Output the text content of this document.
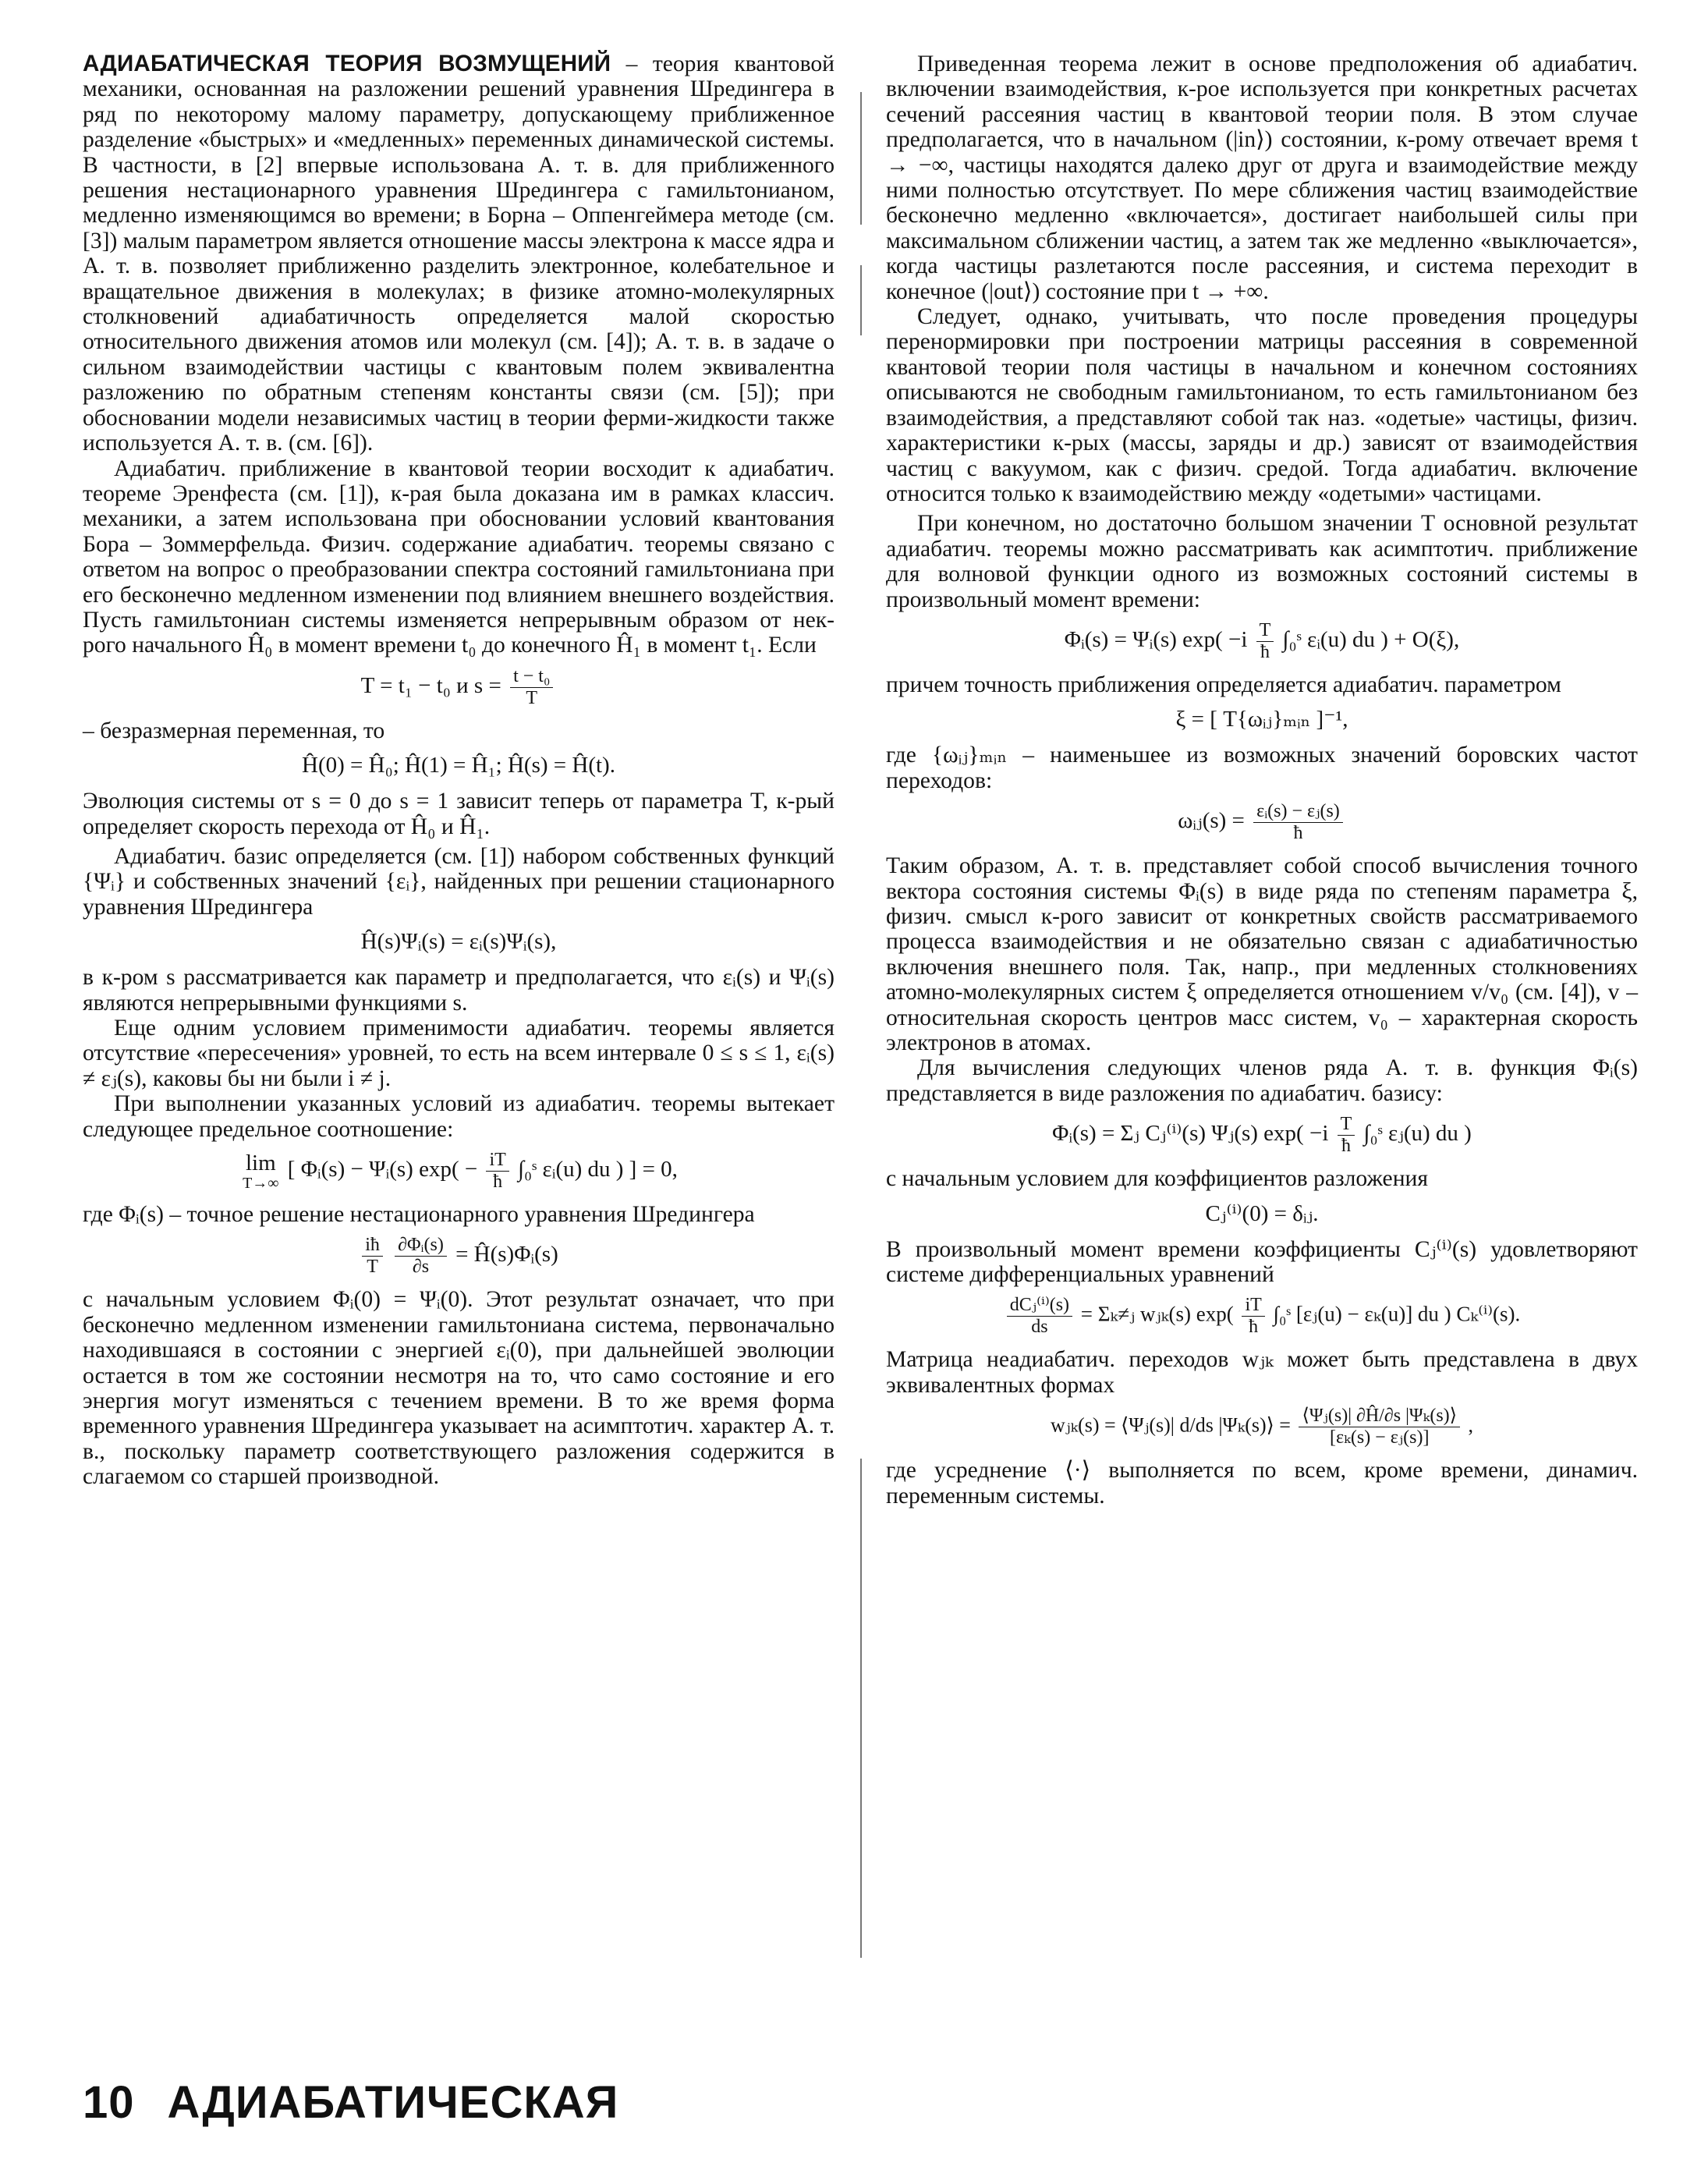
АДИАБАТИЧЕСКАЯ ТЕОРИЯ ВОЗМУЩЕНИЙ – теория квантовой механики, основанная на разложении решений уравнения Шредингера в ряд по некоторому малому параметру, допускающему приближенное разделение «быстрых» и «медленных» переменных динамической системы. В частности, в [2] впервые использована А. т. в. для приближенного решения нестационарного уравнения Шредингера с гамильтонианом, медленно изменяющимся во времени; в Борна – Оппенгеймера методе (см. [3]) малым параметром является отношение массы электрона к массе ядра и А. т. в. позволяет приближенно разделить электронное, колебательное и вращательное движения в молекулах; в физике атомно-молекулярных столкновений адиабатичность определяется малой скоростью относительного движения атомов или молекул (см. [4]); А. т. в. в задаче о сильном взаимодействии частицы с квантовым полем эквивалентна разложению по обратным степеням константы связи (см. [5]); при обосновании модели независимых частиц в теории ферми-жидкости также используется А. т. в. (см. [6]).

Адиабатич. приближение в квантовой теории восходит к адиабатич. теореме Эренфеста (см. [1]), к-рая была доказана им в рамках классич. механики, а затем использована при обосновании условий квантования Бора – Зоммерфельда. Физич. содержание адиабатич. теоремы связано с ответом на вопрос о преобразовании спектра состояний гамильтониана при его бесконечно медленном изменении под влиянием внешнего воздействия. Пусть гамильтониан системы изменяется непрерывным образом от нек-рого начального Ĥ₀ в момент времени t₀ до конечного Ĥ₁ в момент t₁. Если

T = t₁ − t₀ и $s = \frac{\text{t − t₀}}{T}$

– безразмерная переменная, то

Ĥ(0) = Ĥ₀; Ĥ(1) = Ĥ₁; Ĥ(s) = Ĥ(t).

Эволюция системы от s = 0 до s = 1 зависит теперь от параметра T, к-рый определяет скорость перехода от Ĥ₀ и Ĥ₁.

Адиабатич. базис определяется (см. [1]) набором собственных функций {Ψᵢ} и собственных значений {εᵢ}, найденных при решении стационарного уравнения Шредингера

Ĥ(s)Ψᵢ(s) = εᵢ(s)Ψᵢ(s),

в к-ром s рассматривается как параметр и предполагается, что εᵢ(s) и Ψᵢ(s) являются непрерывными функциями s.

Еще одним условием применимости адиабатич. теоремы является отсутствие «пересечения» уровней, то есть на всем интервале 0 ≤ s ≤ 1, εᵢ(s) ≠ εⱼ(s), каковы бы ни были i ≠ j.

При выполнении указанных условий из адиабатич. теоремы вытекает следующее предельное соотношение:

lim
T→∞
[ Φᵢ(s) − Ψᵢ(s) $\exp( - \frac{iT}{ħ}$ ∫₀ˢ εᵢ(u) du ) ] = 0,

где Φᵢ(s) – точное решение нестационарного уравнения Шредингера

$\frac{iħ}{T}$
$\frac{\text{∂Φᵢ(s)}}{\partial s}$ = Ĥ(s)Φᵢ(s)

с начальным условием Φᵢ(0) = Ψᵢ(0). Этот результат означает, что при бесконечно медленном изменении гамильтониана система, первоначально находившаяся в состоянии с энергией εᵢ(0), при дальнейшей эволюции остается в том же состоянии несмотря на то, что само состояние и его энергия могут изменяться с течением времени. В то же время форма временного уравнения Шредингера указывает на асимптотич. характер А. т. в., поскольку параметр соответствующего разложения содержится в слагаемом со старшей производной.

Приведенная теорема лежит в основе предположения об адиабатич. включении взаимодействия, к-рое используется при конкретных расчетах сечений рассеяния частиц в квантовой теории поля. В этом случае предполагается, что в начальном (|in⟩) состоянии, к-рому отвечает время t → −∞, частицы находятся далеко друг от друга и взаимодействие между ними полностью отсутствует. По мере сближения частиц взаимодействие бесконечно медленно «включается», достигает наибольшей силы при максимальном сближении частиц, а затем так же медленно «выключается», когда частицы разлетаются после рассеяния, и система переходит в конечное (|out⟩) состояние при t → +∞.

Следует, однако, учитывать, что после проведения процедуры перенормировки при построении матрицы рассеяния в современной квантовой теории поля частицы в начальном и конечном состояниях описываются не свободным гамильтонианом, то есть гамильтонианом без взаимодействия, а представляют собой так наз. «одетые» частицы, физич. характеристики к-рых (массы, заряды и др.) зависят от взаимодействия частиц с вакуумом, как с физич. средой. Тогда адиабатич. включение относится только к взаимодействию между «одетыми» частицами.

При конечном, но достаточно большом значении T основной результат адиабатич. теоремы можно рассматривать как асимптотич. приближение для волновой функции одного из возможных состояний системы в произвольный момент времени:

Φᵢ(s) = Ψᵢ(s) $\exp( -i \frac{T}{ħ}$ ∫₀ˢ εᵢ(u) du ) + O(ξ),

причем точность приближения определяется адиабатич. параметром

ξ = [ T{ωᵢⱼ}ₘᵢₙ ]⁻¹,

где {ωᵢⱼ}ₘᵢₙ – наименьшее из возможных значений боровских частот переходов:

ωᵢⱼ(s) = $\frac{\text{εᵢ(s) − εⱼ(s)}}{ħ}$

Таким образом, А. т. в. представляет собой способ вычисления точного вектора состояния системы Φᵢ(s) в виде ряда по степеням параметра ξ, физич. смысл к-рого зависит от конкретных свойств рассматриваемого процесса взаимодействия и не обязательно связан с адиабатичностью включения внешнего поля. Так, напр., при медленных столкновениях атомно-молекулярных систем ξ определяется отношением v/v₀ (см. [4]), v – относительная скорость центров масс систем, v₀ – характерная скорость электронов в атомах.

Для вычисления следующих членов ряда А. т. в. функция Φᵢ(s) представляется в виде разложения по адиабатич. базису:

Φᵢ(s) = Σⱼ Cⱼ⁽ⁱ⁾(s) Ψⱼ(s) $\exp( -i \frac{T}{ħ}$ ∫₀ˢ εⱼ(u) du )

с начальным условием для коэффициентов разложения

Cⱼ⁽ⁱ⁾(0) = δᵢⱼ.

В произвольный момент времени коэффициенты Cⱼ⁽ⁱ⁾(s) удовлетворяют системе дифференциальных уравнений

$\frac{\text{dCⱼ⁽ⁱ⁾(s)}}{ds}$ = Σₖ≠ⱼ wⱼₖ(s) $\exp( \frac{iT}{ħ}$ ∫₀ˢ [εⱼ(u) − εₖ(u)] du ) Cₖ⁽ⁱ⁾(s).

Матрица неадиабатич. переходов wⱼₖ может быть представлена в двух эквивалентных формах

wⱼₖ(s) = ⟨Ψⱼ(s)| d/ds |Ψₖ(s)⟩ = $\frac{\text{⟨Ψⱼ(s)| ∂Ĥ/∂s |Ψₖ(s)⟩}}{\text{[εₖ(s) − εⱼ(s)]}}$ ,

где усреднение ⟨·⟩ выполняется по всем, кроме времени, динамич. переменным системы.

10 АДИАБАТИЧЕСКАЯ
